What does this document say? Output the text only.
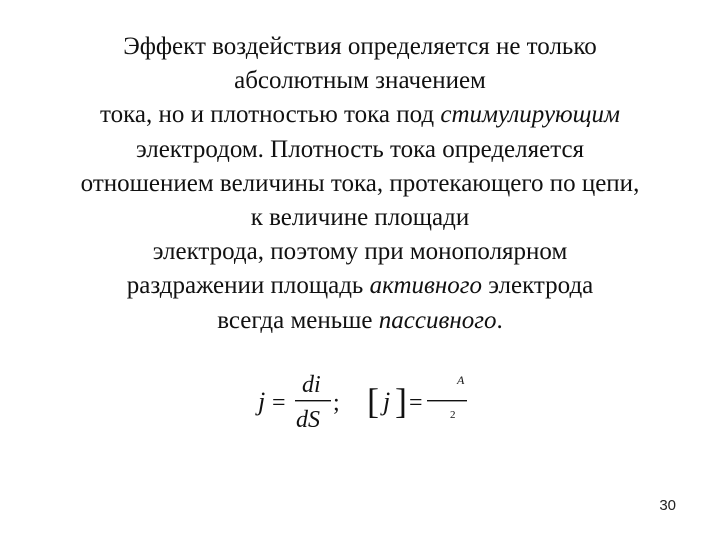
Эффект воздействия определяется не только
абсолютным значением
тока, но и плотностью тока под стимулирующим
электродом. Плотность тока определяется
отношением величины тока, протекающего по цепи,
к величине площади
электрода, поэтому при монополярном
раздражении площадь активного электрода
всегда меньше пассивного.
j =
di
dS
; [ j ] =
A
2
30
